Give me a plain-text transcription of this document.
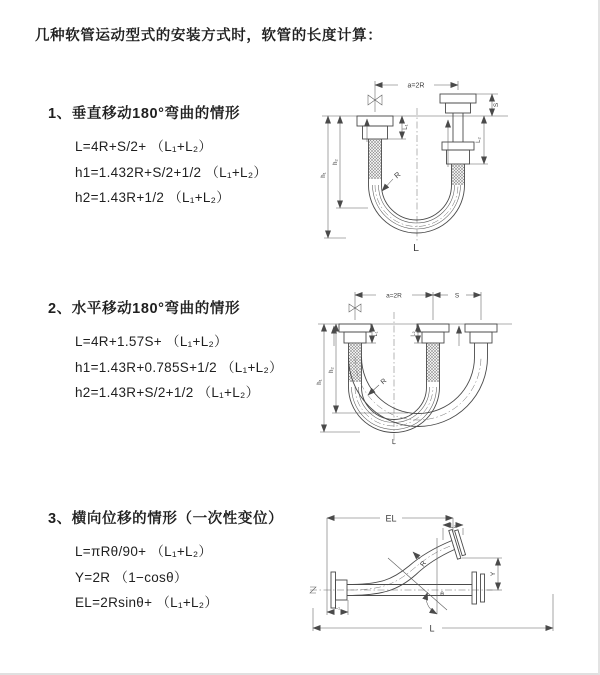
几种软管运动型式的安装方式时，软管的长度计算：
1、垂直移动180°弯曲的情形
L=4R+S/2+ （L₁+L₂）
h1=1.432R+S/2+1/2 （L₁+L₂）
h2=1.43R+1/2 （L₁+L₂）
2、水平移动180°弯曲的情形
L=4R+1.57S+ （L₁+L₂）
h1=1.43R+0.785S+1/2 （L₁+L₂）
h2=1.43R+S/2+1/2 （L₁+L₂）
3、横向位移的情形（一次性变位）
L=πRθ/90+ （L₁+L₂）
Y=2R （1−cosθ）
EL=2Rsinθ+ （L₁+L₂）
a=2R
L₁
S
L₂
h₁
h₂
R
L
a=2R	S
L₁	L₂
h₁
h₂
R
L
EL
L₂
θ
R
Y
L₁
L
